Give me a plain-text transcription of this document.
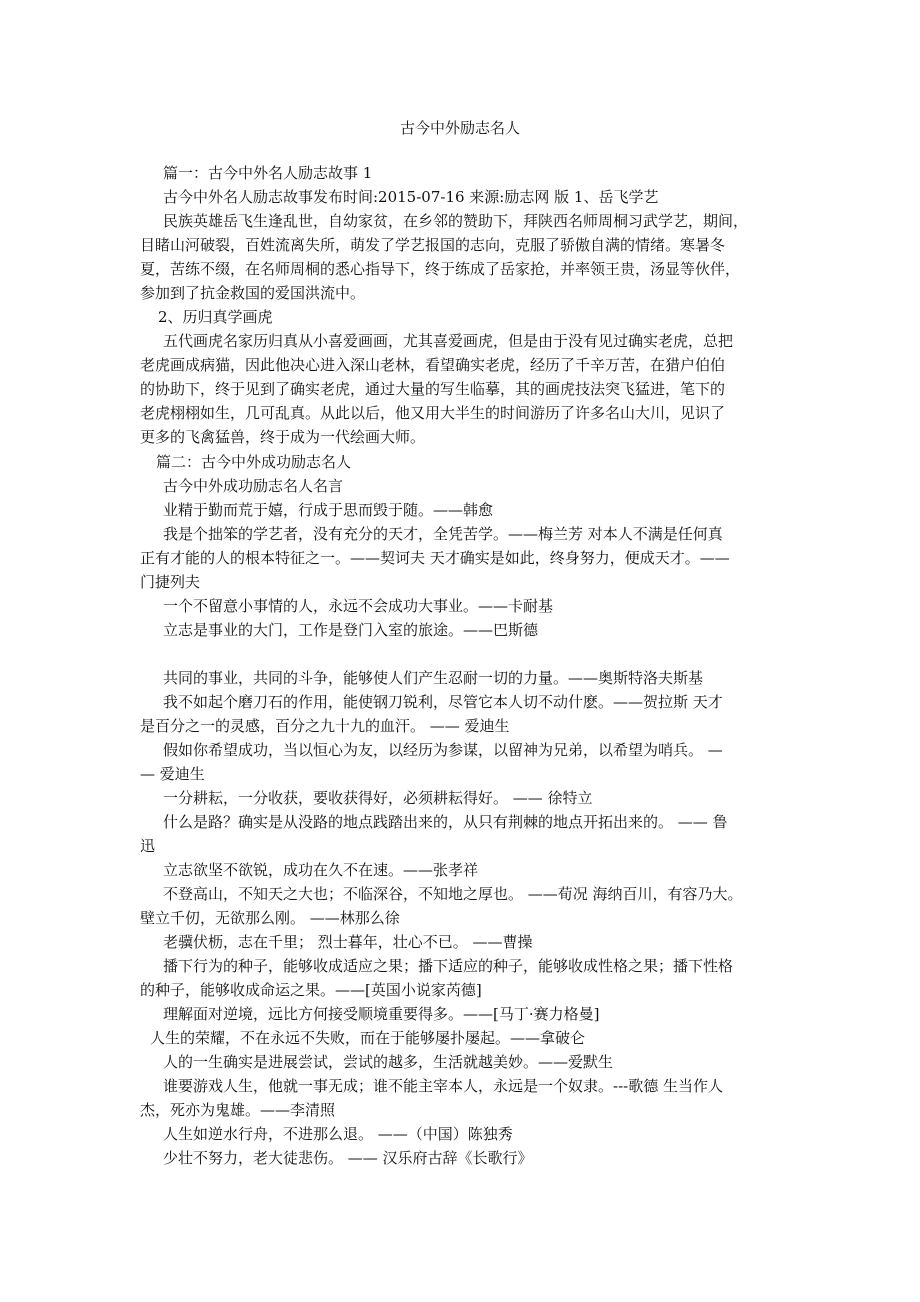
古今中外励志名人
篇一：古今中外名人励志故事 1
古今中外名人励志故事发布时间:2015-07-16 来源:励志网 版 1、岳飞学艺
民族英雄岳飞生逢乱世，自幼家贫，在乡邻的赞助下，拜陕西名师周桐习武学艺，期间，
目睹山河破裂，百姓流离失所，萌发了学艺报国的志向，克服了骄傲自满的情绪。寒暑冬
夏，苦练不缀，在名师周桐的悉心指导下，终于练成了岳家抢，并率领王贵，汤显等伙伴，
参加到了抗金救国的爱国洪流中。
2、历归真学画虎
五代画虎名家历归真从小喜爱画画，尤其喜爱画虎，但是由于没有见过确实老虎，总把
老虎画成病猫，因此他决心进入深山老林，看望确实老虎，经历了千辛万苦，在猎户伯伯
的协助下，终于见到了确实老虎，通过大量的写生临摹，其的画虎技法突飞猛进，笔下的
老虎栩栩如生，几可乱真。从此以后，他又用大半生的时间游历了许多名山大川，见识了
更多的飞禽猛兽，终于成为一代绘画大师。
篇二：古今中外成功励志名人
古今中外成功励志名人名言
业精于勤而荒于嬉，行成于思而毁于随。——韩愈
我是个拙笨的学艺者，没有充分的天才，全凭苦学。——梅兰芳 对本人不满是任何真
正有才能的人的根本特征之一。——契诃夫 天才确实是如此，终身努力，便成天才。——
门捷列夫
一个不留意小事情的人，永远不会成功大事业。——卡耐基
立志是事业的大门，工作是登门入室的旅途。——巴斯德
共同的事业，共同的斗争，能够使人们产生忍耐一切的力量。——奥斯特洛夫斯基
我不如起个磨刀石的作用，能使钢刀锐利，尽管它本人切不动什麽。——贺拉斯 天才
是百分之一的灵感，百分之九十九的血汗。 —— 爱迪生
假如你希望成功，当以恒心为友，以经历为参谋，以留神为兄弟，以希望为哨兵。 —
— 爱迪生
一分耕耘，一分收获，要收获得好，必须耕耘得好。 —— 徐特立
什么是路？确实是从没路的地点践踏出来的，从只有荆棘的地点开拓出来的。 —— 鲁
迅
立志欲坚不欲锐，成功在久不在速。——张孝祥
不登高山，不知天之大也；不临深谷，不知地之厚也。 ——荀况 海纳百川，有容乃大。
壁立千仞，无欲那么刚。 ——林那么徐
老骥伏枥，志在千里； 烈士暮年，壮心不已。 ——曹操
播下行为的种子，能够收成适应之果；播下适应的种子，能够收成性格之果；播下性格
的种子，能够收成命运之果。——[英国小说家芮德]
理解面对逆境，远比方何接受顺境重要得多。——[马丁·赛力格曼]
人生的荣耀，不在永远不失败，而在于能够屡扑屡起。——拿破仑
人的一生确实是进展尝试，尝试的越多，生活就越美妙。——爱默生
谁要游戏人生，他就一事无成；谁不能主宰本人，永远是一个奴隶。---歌德 生当作人
杰，死亦为鬼雄。——李清照
人生如逆水行舟，不进那么退。 ——（中国）陈独秀
少壮不努力，老大徒悲伤。 —— 汉乐府古辞《长歌行》
